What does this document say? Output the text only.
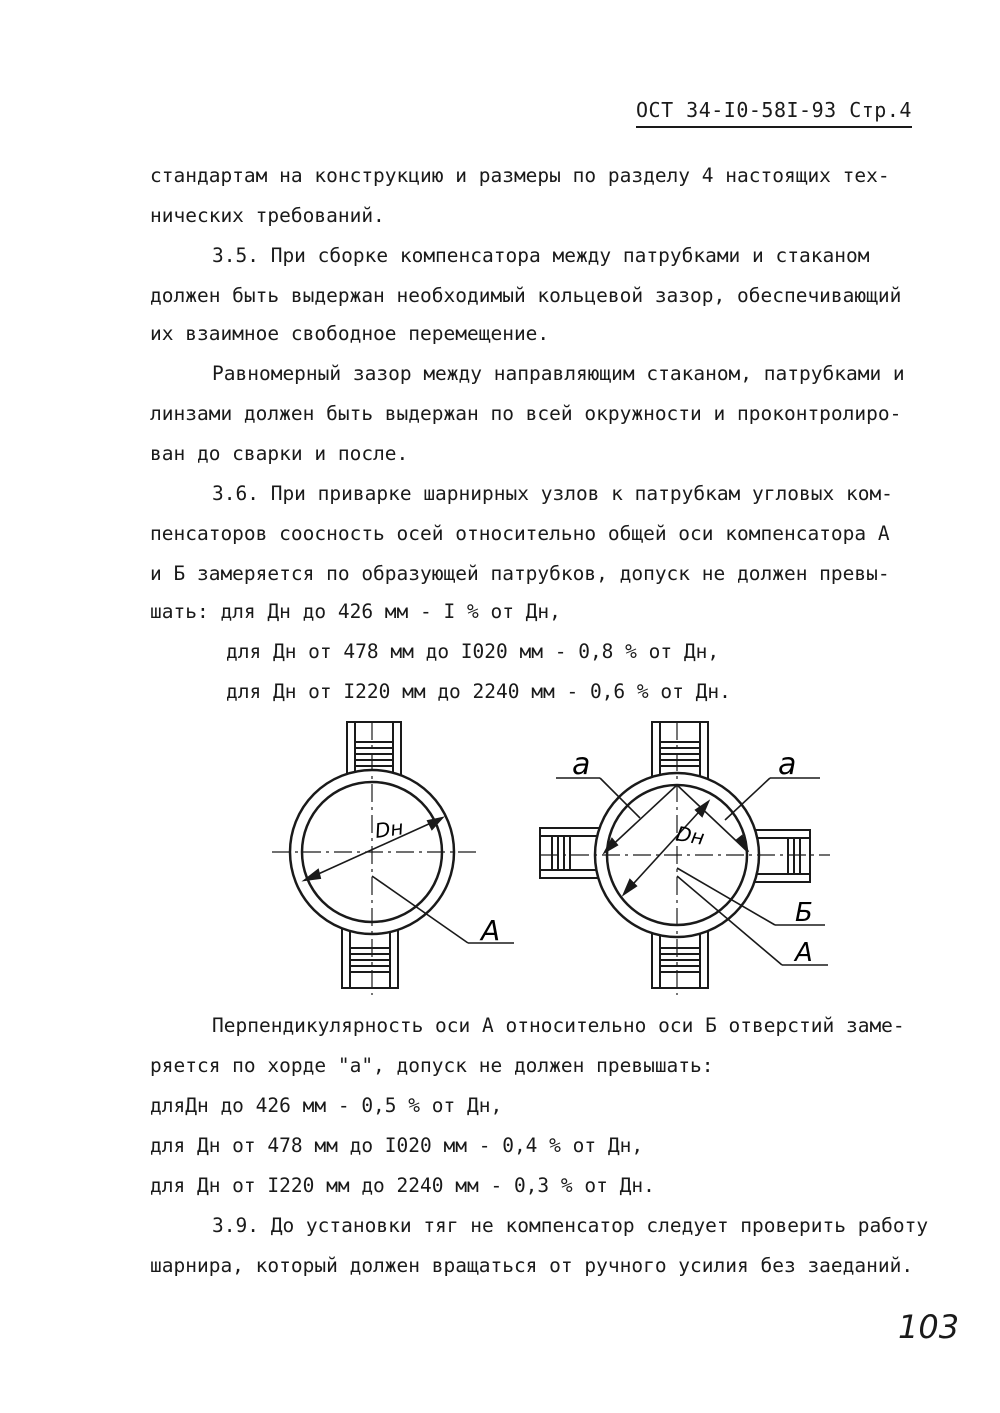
ОСТ 34-I0-58I-93 Стр.4
стандартам на конструкцию и размеры по разделу 4 настоящих тех-
нических требований.
3.5. При сборке компенсатора между патрубками и стаканом
должен быть выдержан необходимый кольцевой зазор, обеспечивающий
их взаимное свободное перемещение.
Равномерный зазор между направляющим стаканом, патрубками и
линзами должен быть выдержан по всей окружности и проконтролиро-
ван до сварки и после.
3.6. При приварке шарнирных узлов к патрубкам угловых ком-
пенсаторов соосность осей относительно общей оси компенсатора А
и Б замеряется по образующей патрубков, допуск не должен превы-
шать: для Дн до 426 мм - I % от Дн,
для Дн от 478 мм до I020 мм - 0,8 % от Дн,
для Дн от I220 мм до 2240 мм - 0,6 % от Дн.
Dн
А
Dн
а	а
Б
А
Перпендикулярность оси А относительно оси Б отверстий заме-
ряется по хорде "а", допуск не должен превышать:
дляДн до 426 мм - 0,5 % от Дн,
для Дн от 478 мм до I020 мм - 0,4 % от Дн,
для Дн от I220 мм до 2240 мм - 0,3 % от Дн.
3.9. До установки тяг не компенсатор следует проверить работу
шарнира, который должен вращаться от ручного усилия без заеданий.
103
